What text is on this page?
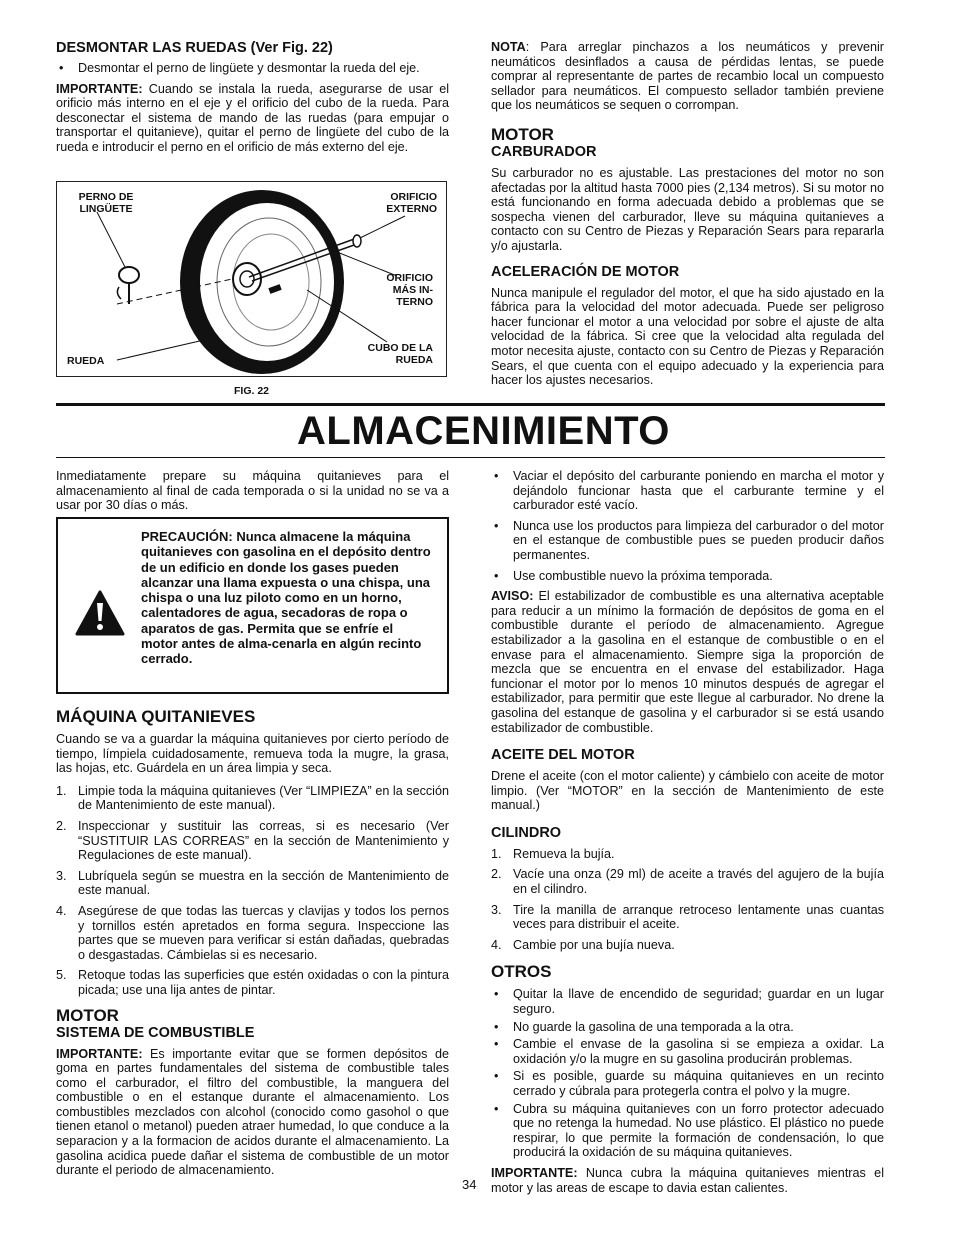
DESMONTAR LAS RUEDAS (Ver Fig. 22)
• Desmontar el perno de lingüete y desmontar la rueda del eje.

IMPORTANTE: Cuando se instala la rueda, asegurarse de usar el orificio más interno en el eje y el orificio del cubo de la rueda. Para desconectar el sistema de mando de las ruedas (para empujar o transportar el quitanieve), quitar el perno de lingüete del cubo de la rueda e introducir el perno en el orificio de más externo del eje.

PERNO DE LINGÜETE
ORIFICIO EXTERNO
ORIFICIO MÁS IN- TERNO
RUEDA
CUBO DE LA RUEDA
FIG. 22

NOTA: Para arreglar pinchazos a los neumáticos y prevenir neumáticos desinflados a causa de pérdidas lentas, se puede comprar al representante de partes de recambio local un compuesto sellador para neumáticos. El compuesto sellador también previene que los neumáticos se sequen o corrompan.

MOTOR
CARBURADOR

Su carburador no es ajustable. Las prestaciones del motor no son afectadas por la altitud hasta 7000 pies (2,134 metros). Si su motor no está funcionando en forma adecuada debido a problemas que se sospecha vienen del carburador, lleve su máquina quitanieves a contacto con su Centro de Piezas y Reparación Sears para repararla y/o ajustarla.

ACELERACIÓN DE MOTOR

Nunca manipule el regulador del motor, el que ha sido ajustado en la fábrica para la velocidad del motor adecuada. Puede ser peligroso hacer funcionar el motor a una velocidad por sobre el ajuste de alta velocidad de la fábrica. Si cree que la velocidad alta regulada del motor necesita ajuste, contacto con su Centro de Piezas y Reparación Sears, el que cuenta con el equipo adecuado y la experiencia para hacer los ajustes necesarios.

ALMACENIMIENTO

Inmediatamente prepare su máquina quitanieves para el almacenamiento al final de cada temporada o si la unidad no se va a usar por 30 días o más.

PRECAUCIÓN: Nunca almacene la máquina quitanieves con gasolina en el depósito dentro de un edificio en donde los gases pueden alcanzar una llama expuesta o una chispa, una chispa o una luz piloto como en un horno, calentadores de agua, secadoras de ropa o aparatos de gas. Permita que se enfríe el motor antes de alma-cenarla en algún recinto cerrado.
MÁQUINA QUITANIEVES

Cuando se va a guardar la máquina quitanieves por cierto período de tiempo, límpiela cuidadosamente, remueva toda la mugre, la grasa, las hojas, etc. Guárdela en un área limpia y seca.

1. Limpie toda la máquina quitanieves (Ver “LIMPIEZA” en la sección de Mantenimiento de este manual).
2. Inspeccionar y sustituir las correas, si es necesario (Ver “SUSTITUIR LAS CORREAS” en la sección de Mantenimiento y Regulaciones de este manual).
3. Lubríquela según se muestra en la sección de Mantenimiento de este manual.
4. Asegúrese de que todas las tuercas y clavijas y todos los pernos y tornillos estén apretados en forma segura. Inspeccione las partes que se mueven para verificar si están dañadas, quebradas o desgastadas. Cámbielas si es necesario.
5. Retoque todas las superficies que estén oxidadas o con la pintura picada; use una lija antes de pintar.
MOTOR
SISTEMA DE COMBUSTIBLE

IMPORTANTE: Es importante evitar que se formen depósitos de goma en partes fundamentales del sistema de combustible tales como el carburador, el filtro del combustible, la manguera del combustible o en el estanque durante el almacenamiento. Los combustibles mezclados con alcohol (conocido como gasohol o que tienen etanol o metanol) pueden atraer humedad, lo que conduce a la separacion y a la formacion de acidos durante el almacenamiento. La gasolina acidica puede dañar el sistema de combustible de un motor durante el periodo de almacenamiento.

• Vaciar el depósito del carburante poniendo en marcha el motor y dejándolo funcionar hasta que el carburante termine y el carburador esté vacío.
• Nunca use los productos para limpieza del carburador o del motor en el estanque de combustible pues se pueden producir daños permanentes.
• Use combustible nuevo la próxima temporada.

AVISO: El estabilizador de combustible es una alternativa aceptable para reducir a un mínimo la formación de depósitos de goma en el combustible durante el período de almacenamiento. Agregue estabilizador a la gasolina en el estanque de combustible o en el envase para el almacenamiento. Siempre siga la proporción de mezcla que se encuentra en el envase del estabilizador. Haga funcionar el motor por lo menos 10 minutos después de agregar el estabilizador, para permitir que este llegue al carburador. No drene la gasolina del estanque de gasolina y el carburador si se está usando estabilizador de combustible.

ACEITE DEL MOTOR

Drene el aceite (con el motor caliente) y cámbielo con aceite de motor limpio. (Ver “MOTOR” en la sección de Mantenimiento de este manual.)

CILINDRO
1. Remueva la bujía.
2. Vacíe una onza (29 ml) de aceite a través del agujero de la bujía en el cilindro.
3. Tire la manilla de arranque retroceso lentamente unas cuantas veces para distribuir el aceite.
4. Cambie por una bujía nueva.
OTROS
• Quitar la llave de encendido de seguridad; guardar en un lugar seguro.
• No guarde la gasolina de una temporada a la otra.
• Cambie el envase de la gasolina si se empieza a oxidar. La oxidación y/o la mugre en su gasolina producirán problemas.
• Si es posible, guarde su máquina quitanieves en un recinto cerrado y cúbrala para protegerla contra el polvo y la mugre.
• Cubra su máquina quitanieves con un forro protector adecuado que no retenga la humedad. No use plástico. El plástico no puede respirar, lo que permite la formación de condensación, lo que producirá la oxidación de su máquina quitanieves.

IMPORTANTE: Nunca cubra la máquina quitanieves mientras el motor y las areas de escape to davia estan calientes.

34
